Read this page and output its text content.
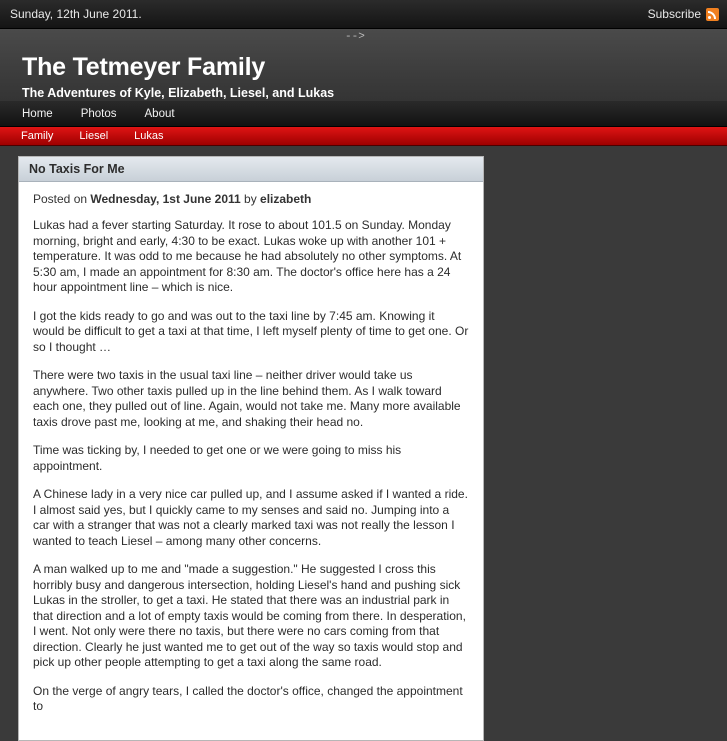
Sunday, 12th June 2011.	Subscribe
-->
The Tetmeyer Family
The Adventures of Kyle, Elizabeth, Liesel, and Lukas
Home	Photos	About
Family	Liesel	Lukas
No Taxis For Me

Posted on Wednesday, 1st June 2011 by elizabeth

Lukas had a fever starting Saturday. It rose to about 101.5 on Sunday. Monday morning, bright and early, 4:30 to be exact. Lukas woke up with another 101 + temperature. It was odd to me because he had absolutely no other symptoms. At 5:30 am, I made an appointment for 8:30 am. The doctor's office here has a 24 hour appointment line – which is nice.

I got the kids ready to go and was out to the taxi line by 7:45 am. Knowing it would be difficult to get a taxi at that time, I left myself plenty of time to get one. Or so I thought …

There were two taxis in the usual taxi line – neither driver would take us anywhere. Two other taxis pulled up in the line behind them. As I walk toward each one, they pulled out of line. Again, would not take me. Many more available taxis drove past me, looking at me, and shaking their head no.

Time was ticking by, I needed to get one or we were going to miss his appointment.

A Chinese lady in a very nice car pulled up, and I assume asked if I wanted a ride. I almost said yes, but I quickly came to my senses and said no. Jumping into a car with a stranger that was not a clearly marked taxi was not really the lesson I wanted to teach Liesel – among many other concerns.

A man walked up to me and "made a suggestion." He suggested I cross this horribly busy and dangerous intersection, holding Liesel's hand and pushing sick Lukas in the stroller, to get a taxi. He stated that there was an industrial park in that direction and a lot of empty taxis would be coming from there. In desperation, I went. Not only were there no taxis, but there were no cars coming from that direction. Clearly he just wanted me to get out of the way so taxis would stop and pick up other people attempting to get a taxi along the same road.

On the verge of angry tears, I called the doctor's office, changed the appointment to
